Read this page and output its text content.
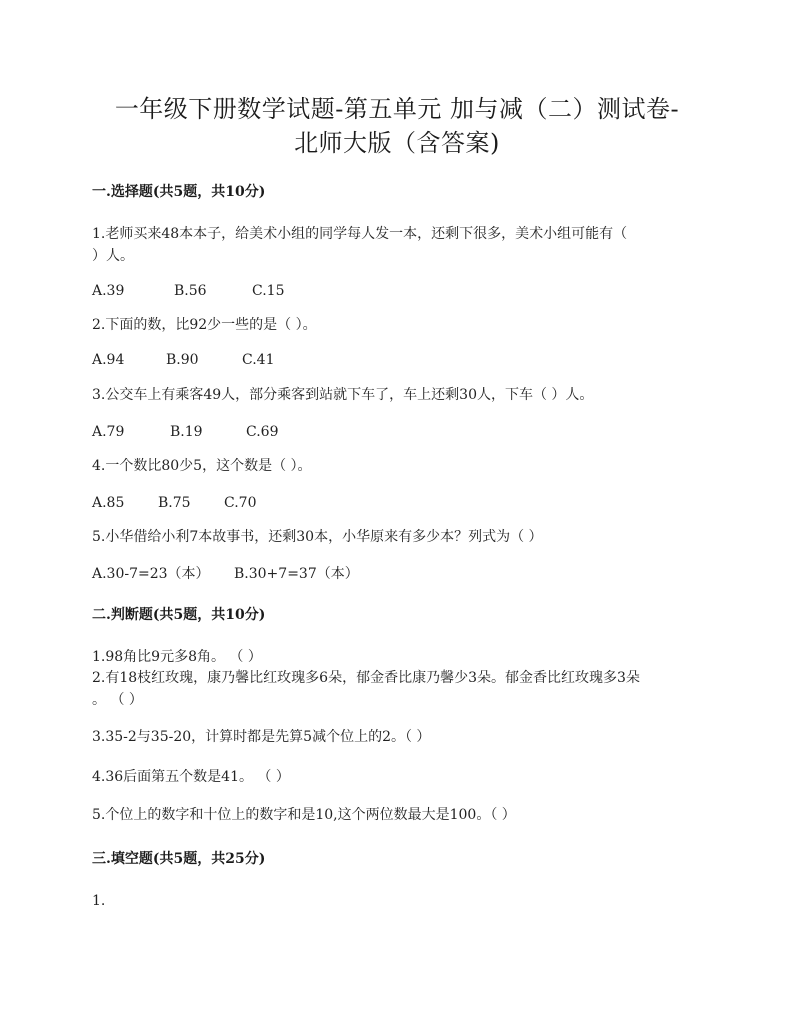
一年级下册数学试题-第五单元 加与减（二）测试卷-
北师大版（含答案)
一.选择题(共5题，共10分)
1.老师买来48本本子，给美术小组的同学每人发一本，还剩下很多，美术小组可能有（
）人。
A.39	B.56	C.15
2.下面的数，比92少一些的是（ ）。
A.94	B.90	C.41
3.公交车上有乘客49人，部分乘客到站就下车了，车上还剩30人，下车（ ）人。
A.79	B.19	C.69
4.一个数比80少5，这个数是（ ）。
A.85 B.75 C.70
5.小华借给小利7本故事书，还剩30本，小华原来有多少本？列式为（ ）
A.30-7=23（本） B.30+7=37（本）
二.判断题(共5题，共10分)
1.98角比9元多8角。 （ ）
2.有18枝红玫瑰，康乃馨比红玫瑰多6朵，郁金香比康乃馨少3朵。郁金香比红玫瑰多3朵
。 （ ）
3.35-2与35-20，计算时都是先算5减个位上的2。（ ）
4.36后面第五个数是41。 （ ）
5.个位上的数字和十位上的数字和是10,这个两位数最大是100。（ ）
三.填空题(共5题，共25分)
1.
